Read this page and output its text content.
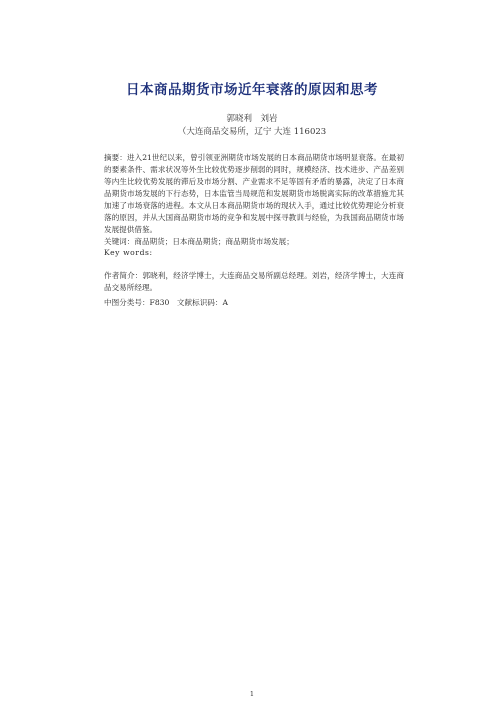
日本商品期货市场近年衰落的原因和思考
郭晓利　刘岩
（大连商品交易所，辽宁 大连 116023
摘要：进入21世纪以来，曾引领亚洲期货市场发展的日本商品期货市场明显衰落。在最初的要素条件、需求状况等外生比较优势逐步削弱的同时，规模经济、技术进步、产品差别等内生比较优势发展的滞后及市场分割、产业需求不足等固有矛盾的暴露，决定了日本商品期货市场发展的下行态势，日本监管当局规范和发展期货市场脱离实际的改革措施尤其加速了市场衰落的进程。本文从日本商品期货市场的现状入手，通过比较优势理论分析衰落的原因，并从大国商品期货市场的竞争和发展中探寻教训与经验，为我国商品期货市场发展提供借鉴。
关键词：商品期货；日本商品期货；商品期货市场发展；
Key words:
作者简介：郭晓利，经济学博士，大连商品交易所副总经理。刘岩，经济学博士，大连商品交易所经理。
中图分类号：F830　文献标识码：A
1
